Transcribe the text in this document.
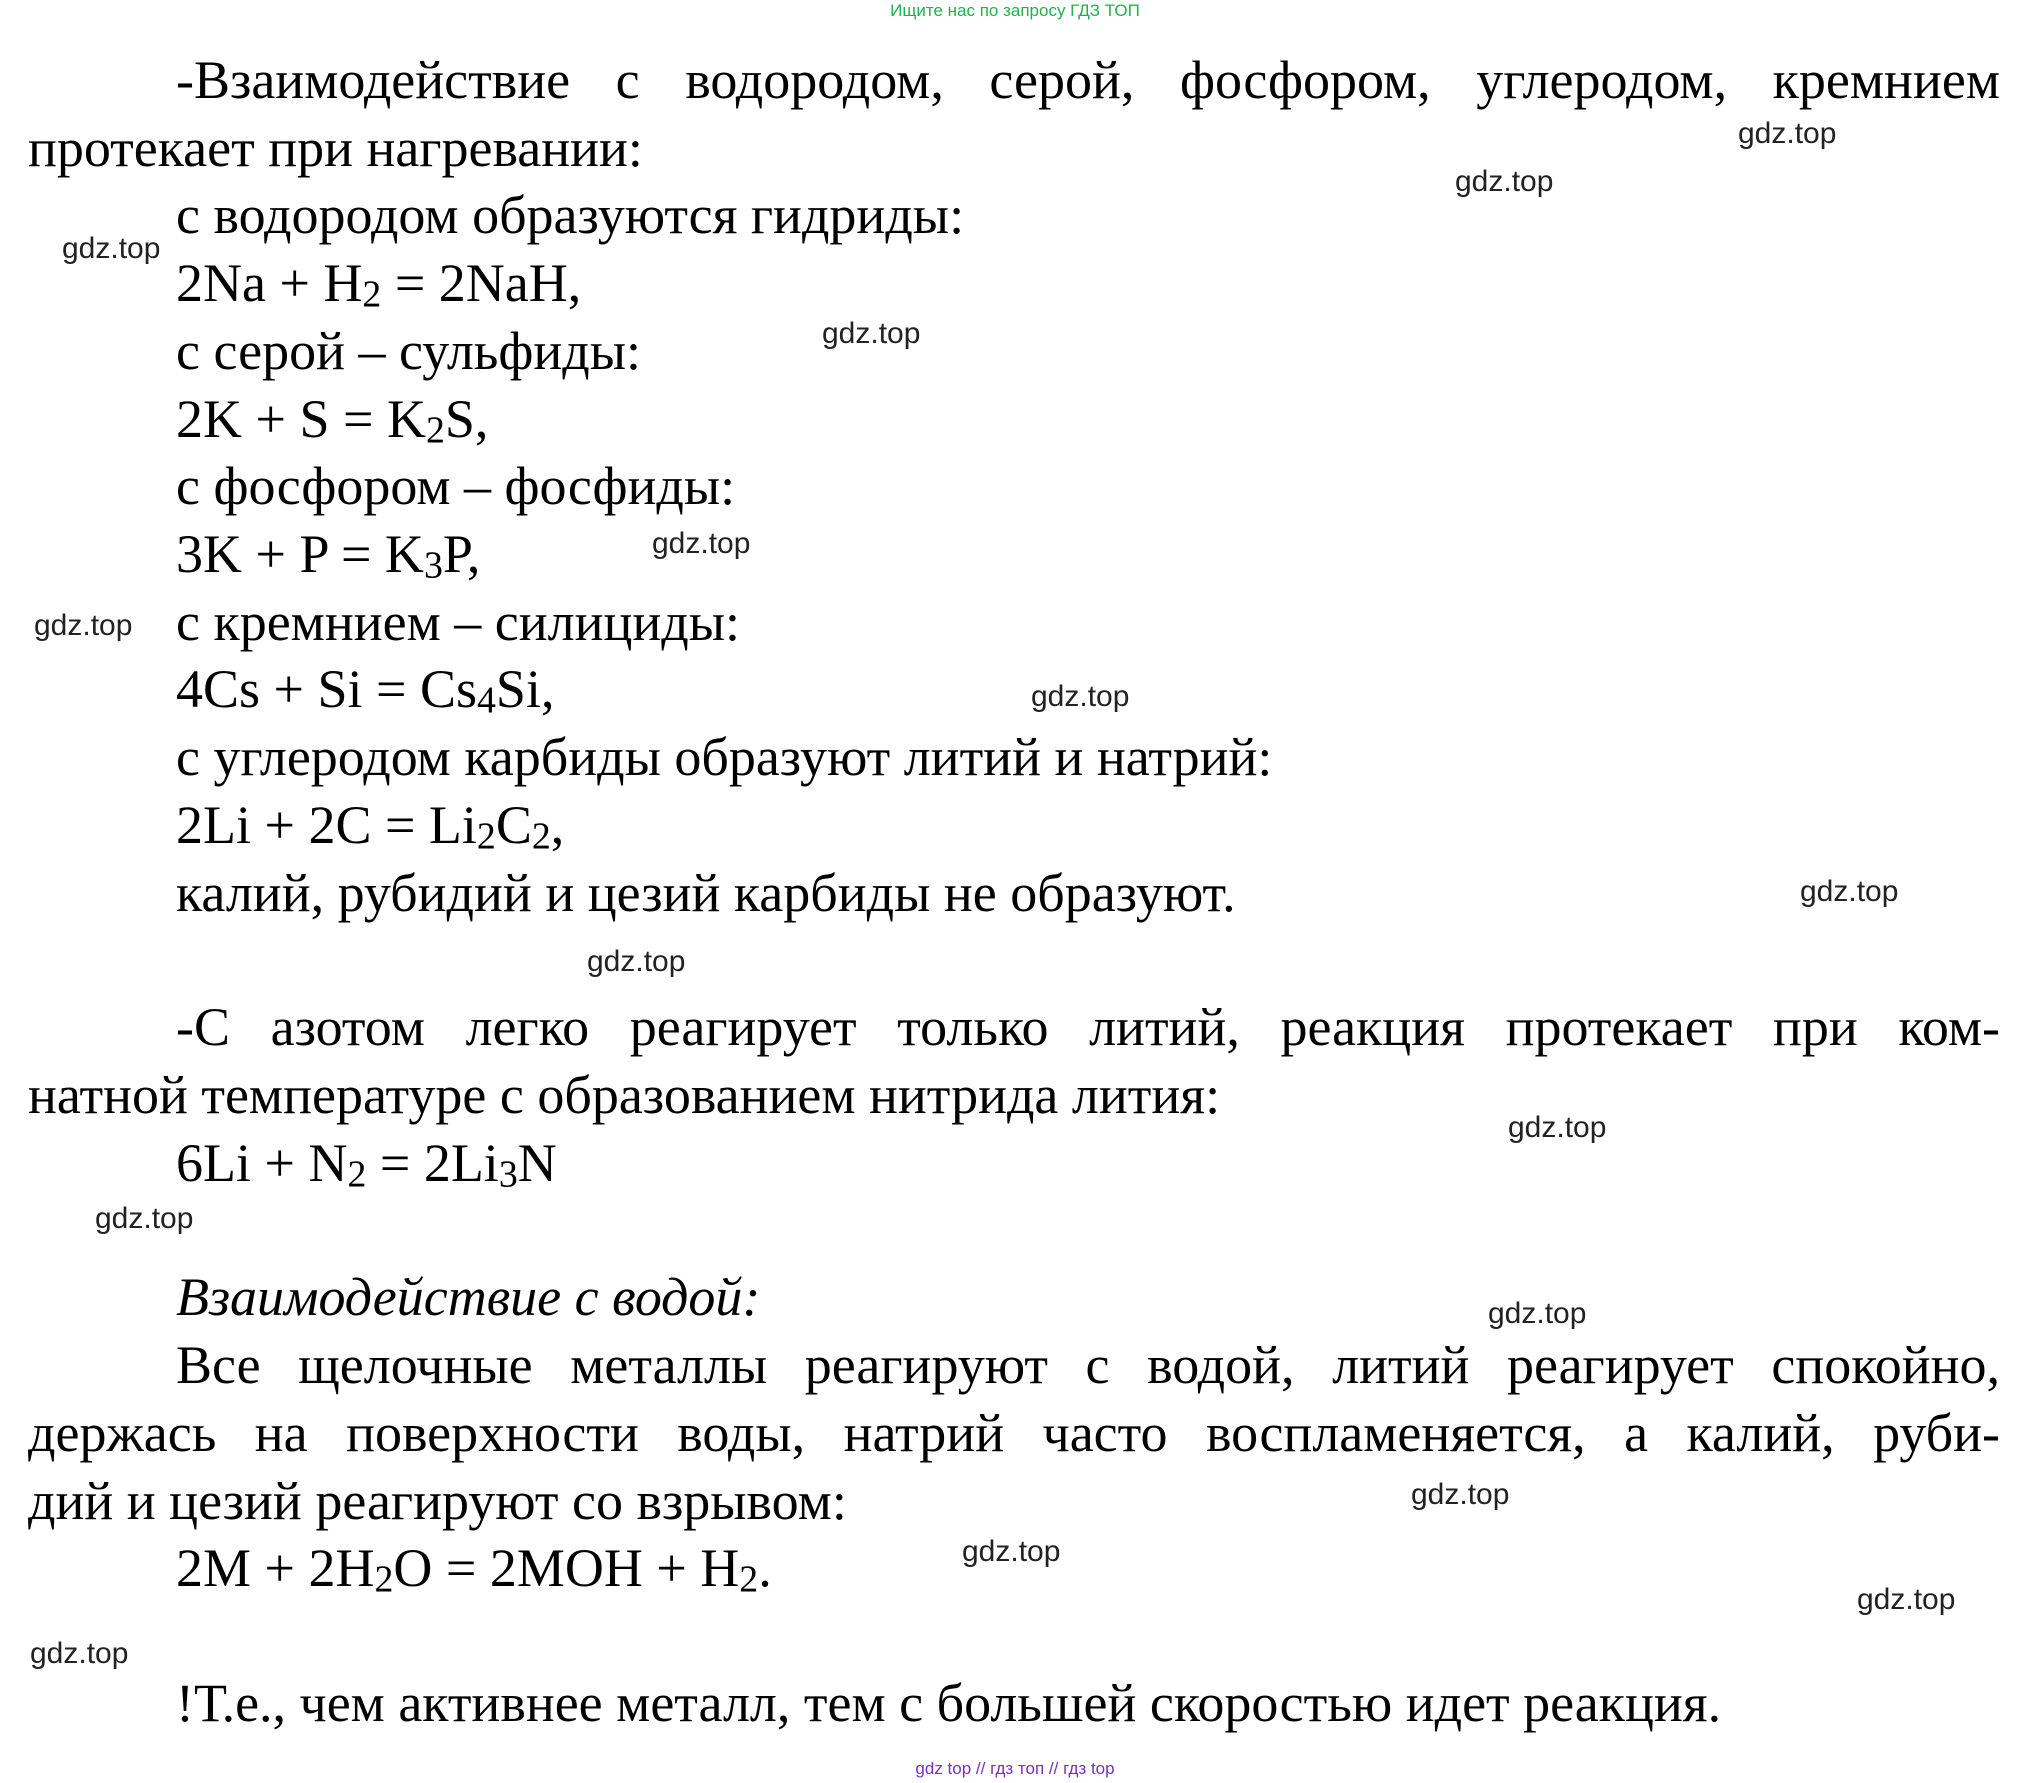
Ищите нас по запросу ГДЗ ТОП
-Взаимодействие с водородом, серой, фосфором, углеродом, кремнием
протекает при нагревании:
с водородом образуются гидриды:
$2Na + H_2 = 2NaH$,
с серой – сульфиды:
$2K + S = K_2S$,
с фосфором – фосфиды:
$3K + P = K_3P$,
с кремнием – силициды:
$4Cs + Si = Cs_4Si$,
с углеродом карбиды образуют литий и натрий:
$2Li + 2C = Li_2C_2$,
калий, рубидий и цезий карбиды не образуют.
-С азотом легко реагирует только литий, реакция протекает при ком-
натной температуре с образованием нитрида лития:
$6Li + N_2 = 2Li_3N$
Взаимодействие с водой:
Все щелочные металлы реагируют с водой, литий реагирует спокойно,
держась на поверхности воды, натрий часто воспламеняется, а калий, руби-
дий и цезий реагируют со взрывом:
$2M + 2H_2O = 2MOH + H_2$.
!Т.е., чем активнее металл, тем с большей скоростью идет реакция.
gdz.top
gdz.top
gdz.top
gdz.top
gdz.top
gdz.top
gdz.top
gdz.top
gdz.top
gdz.top
gdz.top
gdz.top
gdz.top
gdz.top
gdz.top
gdz.top
gdz top // гдз топ // гдз top
